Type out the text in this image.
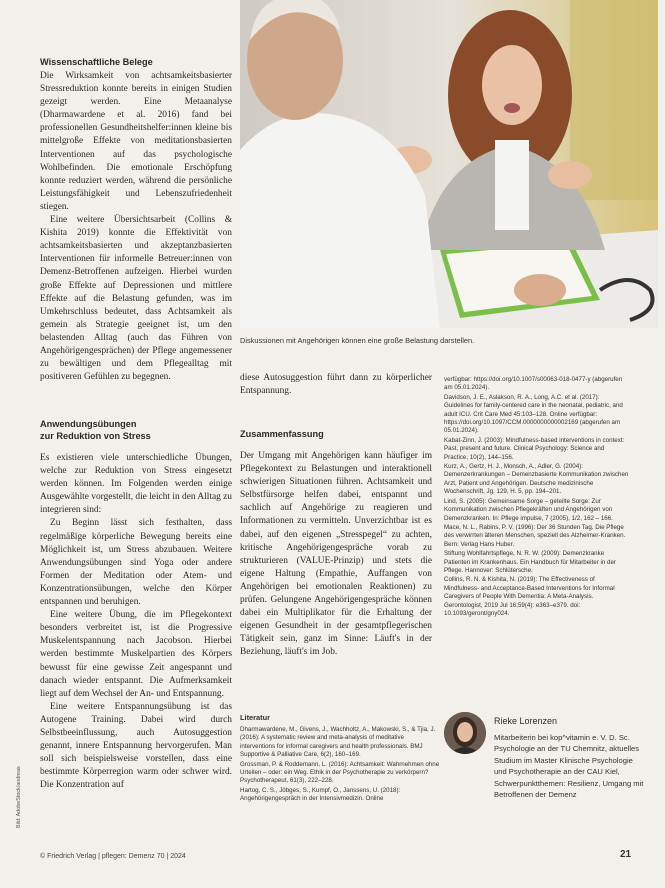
Wissenschaftliche Belege

Die Wirksamkeit von achtsamkeitsbasierter Stressreduktion konnte bereits in einigen Studien gezeigt werden. Eine Metaanalyse (Dharmawardene et al. 2016) fand bei professionellen Gesundheitshelfer:innen kleine bis mittelgroße Effekte von meditationsbasierten Interventionen auf das psychologische Wohlbefinden. Die emotionale Erschöpfung konnte reduziert werden, während die persönliche Leistungsfähigkeit und Lebenszufriedenheit stiegen.

Eine weitere Übersichtsarbeit (Collins & Kishita 2019) konnte die Effektivität von achtsamkeitsbasierten und akzeptanzbasierten Interventionen für informelle Betreuer:innen von Demenz-Betroffenen aufzeigen. Hierbei wurden große Effekte auf Depressionen und mittlere Effekte auf die Belastung gefunden, was im Umkehrschluss bedeutet, dass Achtsamkeit als gemein als Strategie geeignet ist, um den belastenden Alltag (auch das Führen von Angehörigengesprächen) der Pflege angemessener zu bewältigen und dem Pflegealltag mit positiveren Gefühlen zu begegnen.

Anwendungsübungen
zur Reduktion von Stress

Es existieren viele unterschiedliche Übungen, welche zur Reduktion von Stress eingesetzt werden können. Im Folgenden werden einige Ausgewählte vorgestellt, die leicht in den Alltag zu integrieren sind:

Zu Beginn lässt sich festhalten, dass regelmäßige körperliche Bewegung bereits eine Möglichkeit ist, um Stress abzubauen. Weitere Anwendungsübungen sind Yoga oder andere Formen der Meditation oder Atem- und Konzentrationsübungen, welche den Körper entspannen und beruhigen.

Eine weitere Übung, die im Pflegekontext besonders verbreitet ist, ist die Progressive Muskelentspannung nach Jacobson. Hierbei werden bestimmte Muskelpartien des Körpers bewusst für eine gewisse Zeit angespannt und danach wieder entspannt. Die Aufmerksamkeit liegt auf dem Wechsel der An- und Entspannung.

Eine weitere Entspannungsübung ist das Autogene Training. Dabei wird durch Selbstbeeinflussung, auch Autosuggestion genannt, innere Entspannung hervorgerufen. Man soll sich beispielsweise vorstellen, dass eine bestimmte Körperregion warm oder schwer wird. Die Konzentration auf

Diskussionen mit Angehörigen können eine große Belastung darstellen.

diese Autosuggestion führt dann zu körperlicher Entspannung.

Zusammenfassung

Der Umgang mit Angehörigen kann häufiger im Pflegekontext zu Belastungen und interaktionell schwierigen Situationen führen. Achtsamkeit und Selbstfürsorge helfen dabei, entspannt und sachlich auf Angehörige zu reagieren und Informationen zu vermitteln. Unverzichtbar ist es dabei, auf den eigenen „Stresspegel“ zu achten, kritische Angehörigengespräche vorab zu strukturieren (VALUE-Prinzip) und stets die eigene Haltung (Empathie, Auffangen von Angehörigen bei emotionalen Reaktionen) zu prüfen. Gelungene Angehörigengespräche können dabei ein Multiplikator für die Erhaltung der eigenen Gesundheit in der gesamtpflegerischen Tätigkeit sein, ganz im Sinne: Läuft's in der Beziehung, läuft's im Job.

Literatur

Dharmawardene, M., Givens, J., Wachholtz, A., Makowski, S., & Tjia, J. (2016): A systematic review and meta-analysis of meditative interventions for informal caregivers and health professionals. BMJ Supportive & Palliative Care, 6(2), 160–169.

Grossman, P. & Roddemann, L. (2016): Achtsamkeit: Wahrnehmen ohne Urteilen – oder: ein Weg. Ethik in der Psychotherapie zu verkörpern? Psychotherapeut, 61(3), 222–228.

Hartog, C. S., Jöbges, S., Kumpf, O., Janssens, U. (2018): Angehörigengespräch in der Intensivmedizin. Online

verfügbar: https://doi.org/10.1007/s00063-018-0477-y (abgerufen am 05.01.2024).

Davidson, J. E., Aslakson, R. A., Long, A.C. et al. (2017): Guidelines for family-centered care in the neonatal, pediatric, and adult ICU. Crit Care Med 45:103–128. Online verfügbar: https://doi.org/10.1097/CCM.0000000000002169 (abgerufen am 05.01.2024).

Kabat-Zinn, J. (2003): Mindfulness-based interventions in context: Past, present and future. Clinical Psychology: Science and Practice, 10(2), 144–156.

Kurz, A., Gertz, H. J., Monsch, A., Adler, G. (2004): Demenzerkrankungen – Demenzbasierte Kommunikation zwischen Arzt, Patient und Angehörigen. Deutsche medizinische Wochenschrift, Jg. 129, H. 5, pp. 194–201.

Lind, S. (2005): Gemeinsame Sorge – geteilte Sorge: Zur Kommunikation zwischen Pflegekräften und Angehörigen von Demenzkranken. In: Pflege impulse, 7 (2005), 1/2, 162 – 166.

Mace, N. L., Rabins, P. V. (1996): Der 36 Stunden Tag. Die Pflege des verwirrten älteren Menschen, speziell des Alzheimer-Kranken. Bern: Verlag Hans Huber.

Stiftung Wohlfahrtspflege, N. R. W. (2009): Demenzkranke Patienten im Krankenhaus. Ein Handbuch für Mitarbeiter in der Pflege. Hannover: Schlütersche.

Collins, R. N. & Kishita, N. (2019): The Effectiveness of Mindfulness- and Acceptance-Based Interventions for Informal Caregivers of People With Dementia: A Meta-Analysis. Gerontologist, 2019 Jul 16;59(4): e363–e379. doi: 10.1093/geront/gny024.

Rieke Lorenzen
Mitarbeiterin bei kop^vitamin e. V. D. Sc. Psychologie an der TU Chemnitz, aktuelles Studium im Master Klinische Psychologie und Psychotherapie an der CAU Kiel, Schwerpunktthemen: Resilienz, Umgang mit Betroffenen der Demenz
Bild: AdobeStock/andreas
© Friedrich Verlag | pflegen: Demenz 70 | 2024	21
